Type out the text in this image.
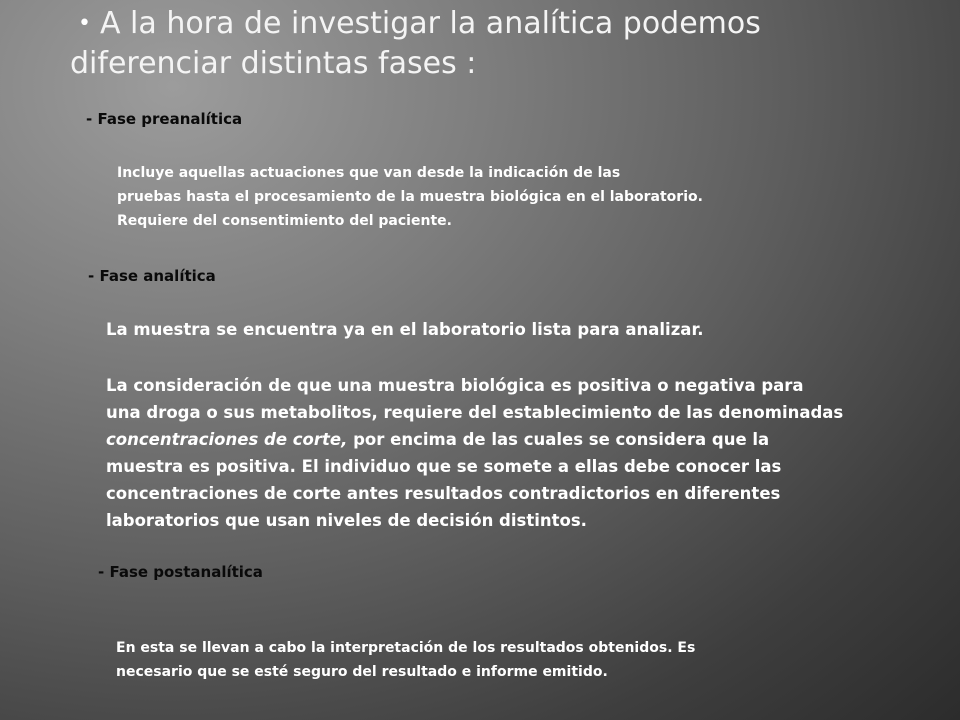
• A la hora de investigar la analítica podemos
diferenciar distintas fases :
- Fase preanalítica
Incluye aquellas actuaciones que van desde la indicación de las
pruebas hasta el procesamiento de la muestra biológica en el laboratorio.
Requiere del consentimiento del paciente.
- Fase analítica
La muestra se encuentra ya en el laboratorio lista para analizar.
La consideración de que una muestra biológica es positiva o negativa para
una droga o sus metabolitos, requiere del establecimiento de las denominadas
concentraciones de corte, por encima de las cuales se considera que la
muestra es positiva. El individuo que se somete a ellas debe conocer las
concentraciones de corte antes resultados contradictorios en diferentes
laboratorios que usan niveles de decisión distintos.
- Fase postanalítica
En esta se llevan a cabo la interpretación de los resultados obtenidos. Es
necesario que se esté seguro del resultado e informe emitido.
